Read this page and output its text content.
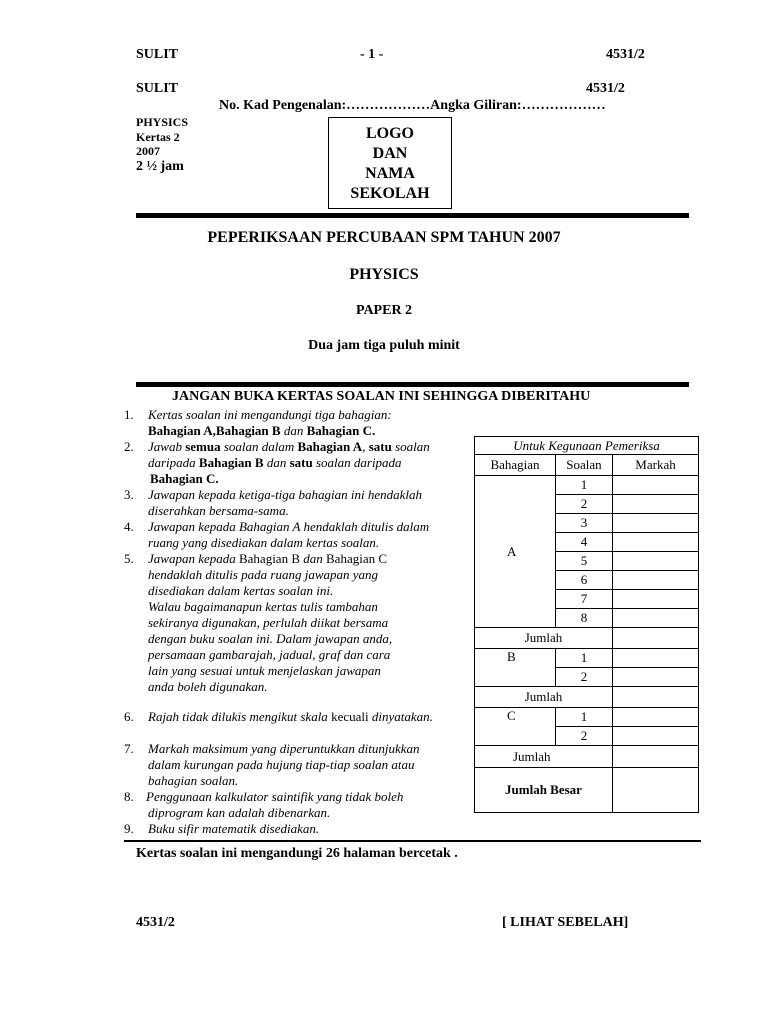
SULIT	- 1 -	4531/2
SULIT	4531/2
No. Kad Pengenalan:………………Angka Giliran:………………
PHYSICS
Kertas 2
2007
2 ½ jam
LOGO
DAN
NAMA
SEKOLAH
PEPERIKSAAN PERCUBAAN SPM TAHUN 2007
PHYSICS
PAPER 2
Dua jam tiga puluh minit
JANGAN BUKA KERTAS SOALAN INI SEHINGGA DIBERITAHU
1. Kertas soalan ini mengandungi tiga bahagian:
Bahagian A,Bahagian B dan Bahagian C.
2. Jawab semua soalan dalam Bahagian A, satu soalan
daripada Bahagian B dan satu soalan daripada
Bahagian C.
3. Jawapan kepada ketiga-tiga bahagian ini hendaklah
diserahkan bersama-sama.
4. Jawapan kepada Bahagian A hendaklah ditulis dalam
ruang yang disediakan dalam kertas soalan.
5. Jawapan kepada Bahagian B dan Bahagian C
hendaklah ditulis pada ruang jawapan yang
disediakan dalam kertas soalan ini.
Walau bagaimanapun kertas tulis tambahan
sekiranya digunakan, perlulah diikat bersama
dengan buku soalan ini. Dalam jawapan anda,
persamaan gambarajah, jadual, graf dan cara
lain yang sesuai untuk menjelaskan jawapan
anda boleh digunakan.
6. Rajah tidak dilukis mengikut skala kecuali dinyatakan.
7. Markah maksimum yang diperuntukkan ditunjukkan
dalam kurungan pada hujung tiap-tiap soalan atau
bahagian soalan.
8. Penggunaan kalkulator saintifik yang tidak boleh
diprogram kan adalah dibenarkan.
9. Buku sifir matematik disediakan.
Untuk Kegunaan Pemeriksa		
Bahagian	Soalan	Markah
A	1	
	2	
	3	
	4	
	5	
	6	
	7	
	8	
Jumlah		
B	1	
	2	
Jumlah		
C	1	
	2	
Jumlah		
Jumlah Besar		
Kertas soalan ini mengandungi 26 halaman bercetak .
4531/2	[ LIHAT SEBELAH]
